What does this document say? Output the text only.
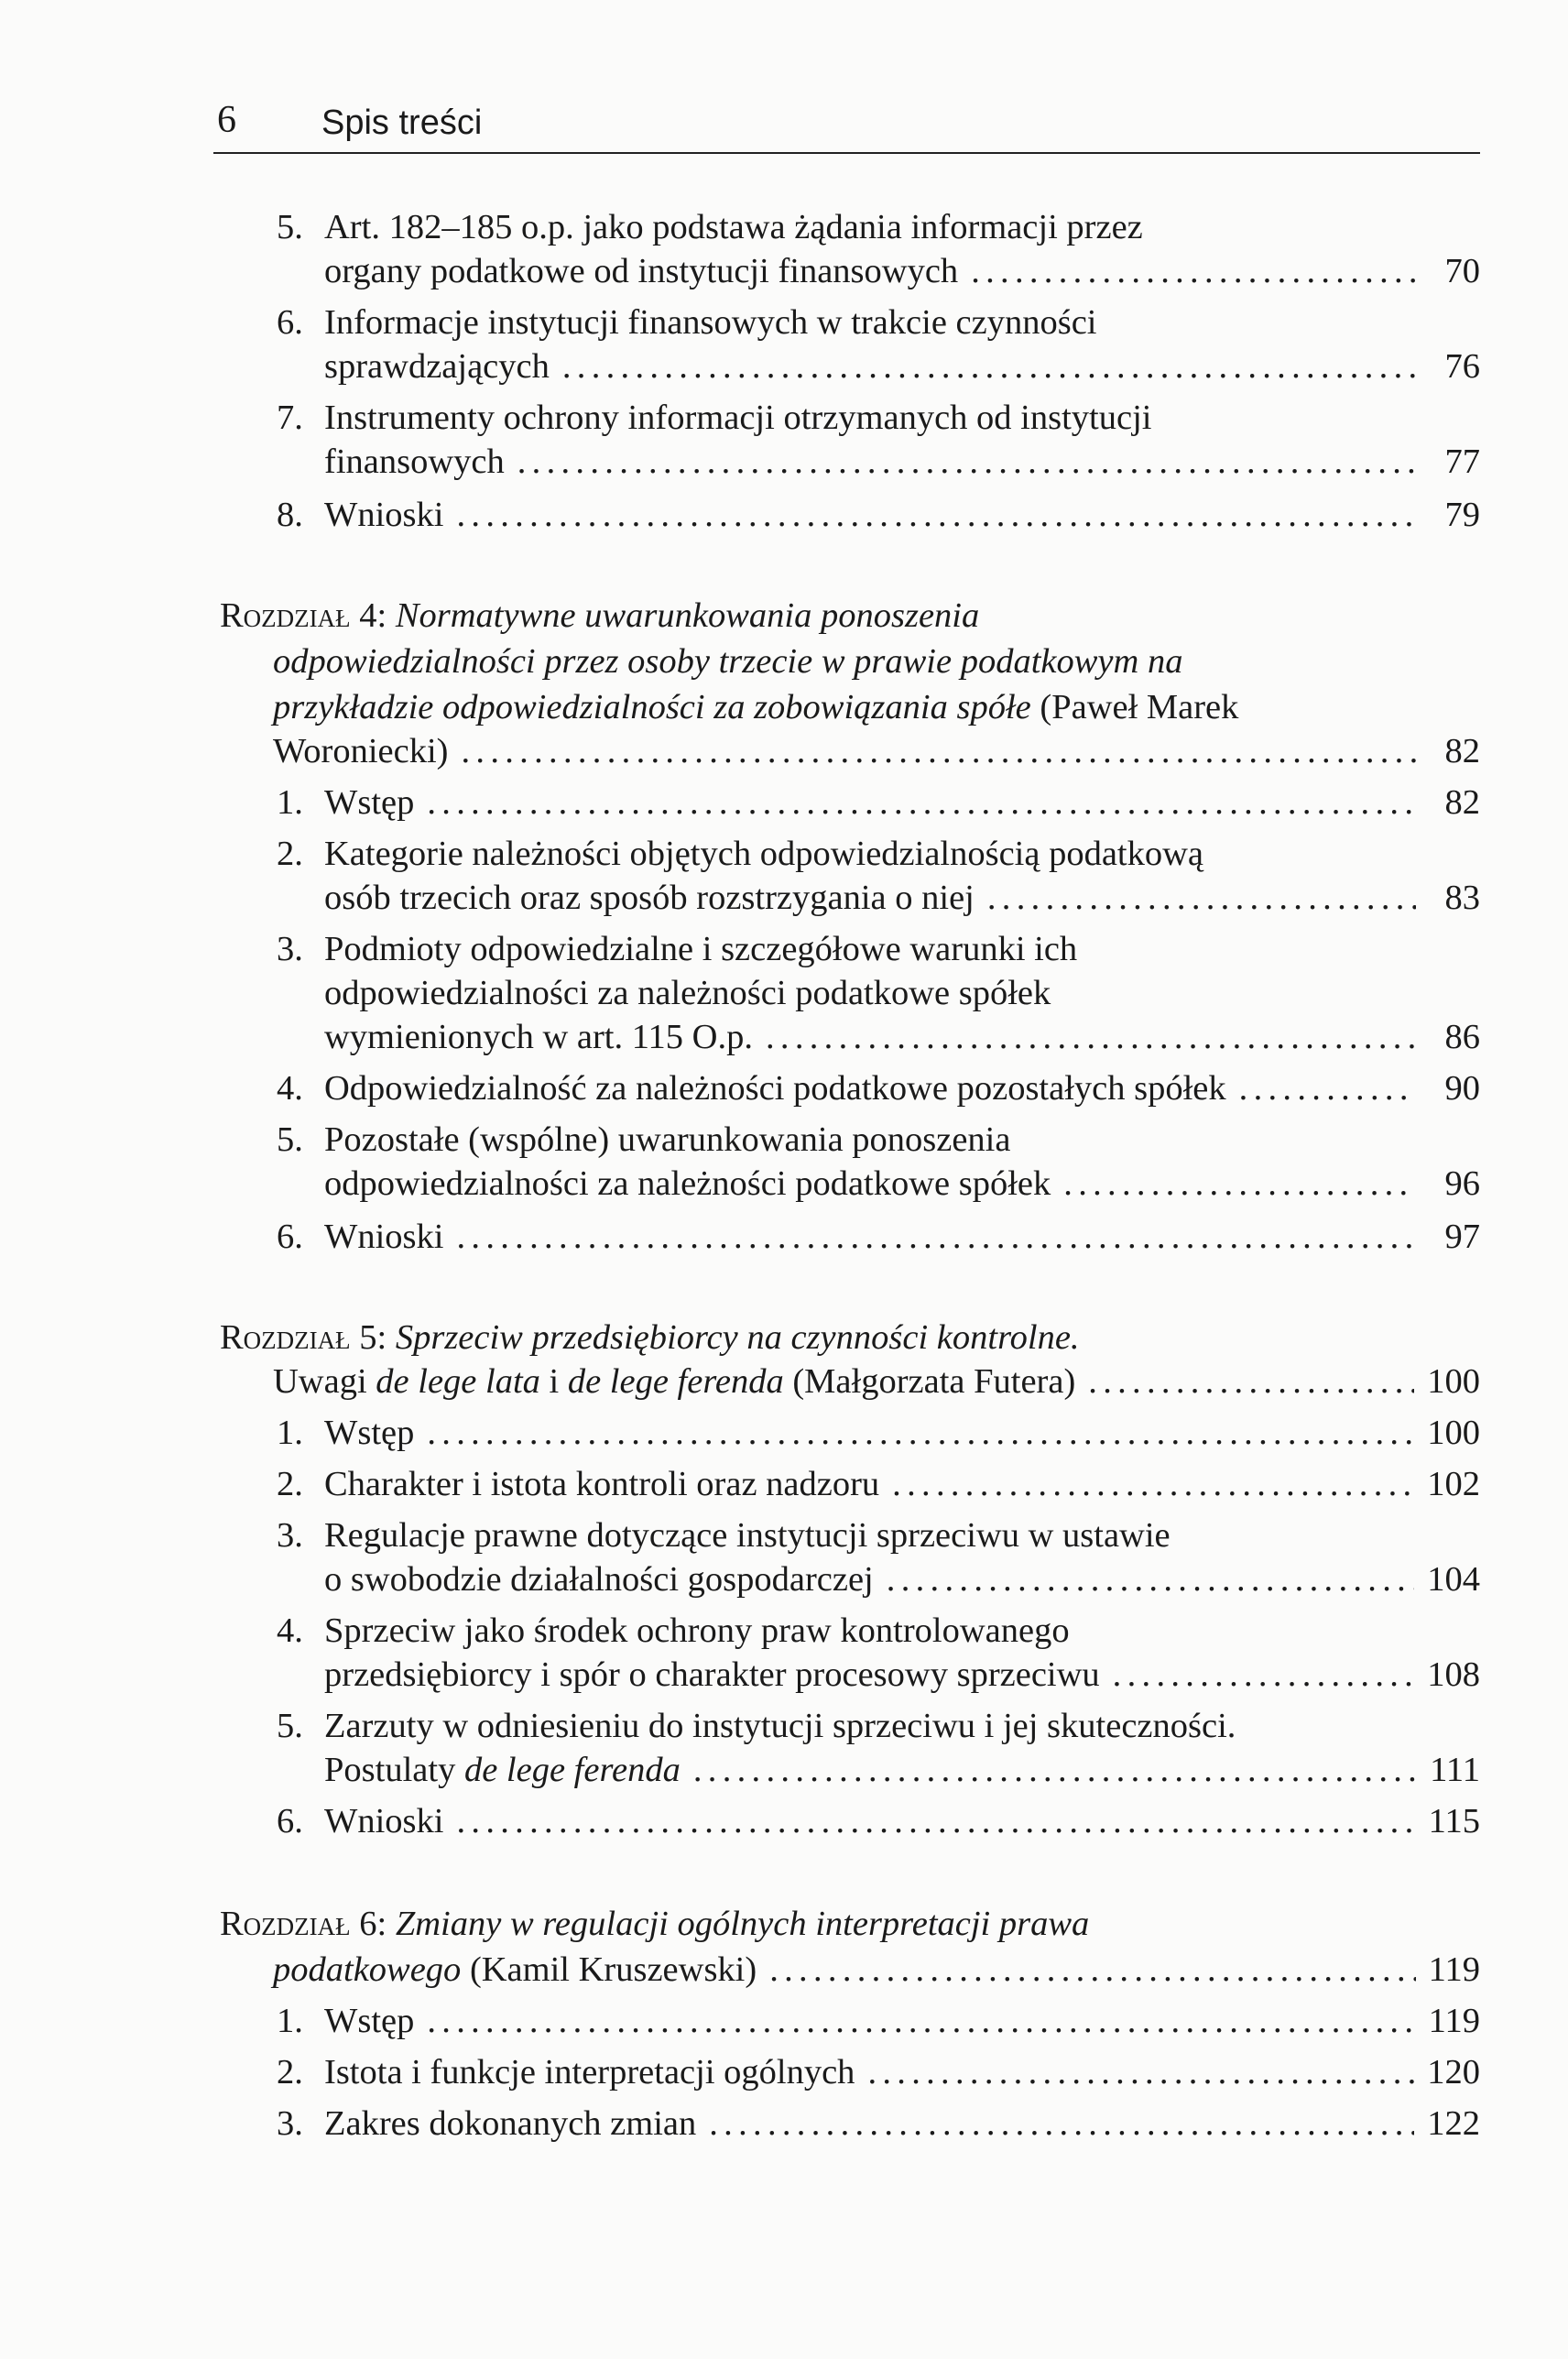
6 Spis treści
5. Art. 182–185 o.p. jako podstawa żądania informacji przez
organy podatkowe od instytucji finansowych .....	70
6. Informacje instytucji finansowych w trakcie czynności
sprawdzających .....	76
7. Instrumenty ochrony informacji otrzymanych od instytucji
finansowych .....	77
8. Wnioski .....	79
Rozdział 4: Normatywne uwarunkowania ponoszenia
odpowiedzialności przez osoby trzecie w prawie podatkowym na
przykładzie odpowiedzialności za zobowiązania spółe (Paweł Marek
Woroniecki) .....	82
1. Wstęp .....	82
2. Kategorie należności objętych odpowiedzialnością podatkową
osób trzecich oraz sposób rozstrzygania o niej .....	83
3. Podmioty odpowiedzialne i szczegółowe warunki ich
odpowiedzialności za należności podatkowe spółek
wymienionych w art. 115 O.p. .....	86
4. Odpowiedzialność za należności podatkowe pozostałych spółek .....	90
5. Pozostałe (wspólne) uwarunkowania ponoszenia
odpowiedzialności za należności podatkowe spółek .....	96
6. Wnioski .....	97
Rozdział 5: Sprzeciw przedsiębiorcy na czynności kontrolne.
Uwagi de lege lata i de lege ferenda (Małgorzata Futera) .....	100
1. Wstęp .....	100
2. Charakter i istota kontroli oraz nadzoru .....	102
3. Regulacje prawne dotyczące instytucji sprzeciwu w ustawie
o swobodzie działalności gospodarczej .....	104
4. Sprzeciw jako środek ochrony praw kontrolowanego
przedsiębiorcy i spór o charakter procesowy sprzeciwu .....	108
5. Zarzuty w odniesieniu do instytucji sprzeciwu i jej skuteczności.
Postulaty de lege ferenda .....	111
6. Wnioski .....	115
Rozdział 6: Zmiany w regulacji ogólnych interpretacji prawa
podatkowego (Kamil Kruszewski) .....	119
1. Wstęp .....	119
2. Istota i funkcje interpretacji ogólnych .....	120
3. Zakres dokonanych zmian .....	122
